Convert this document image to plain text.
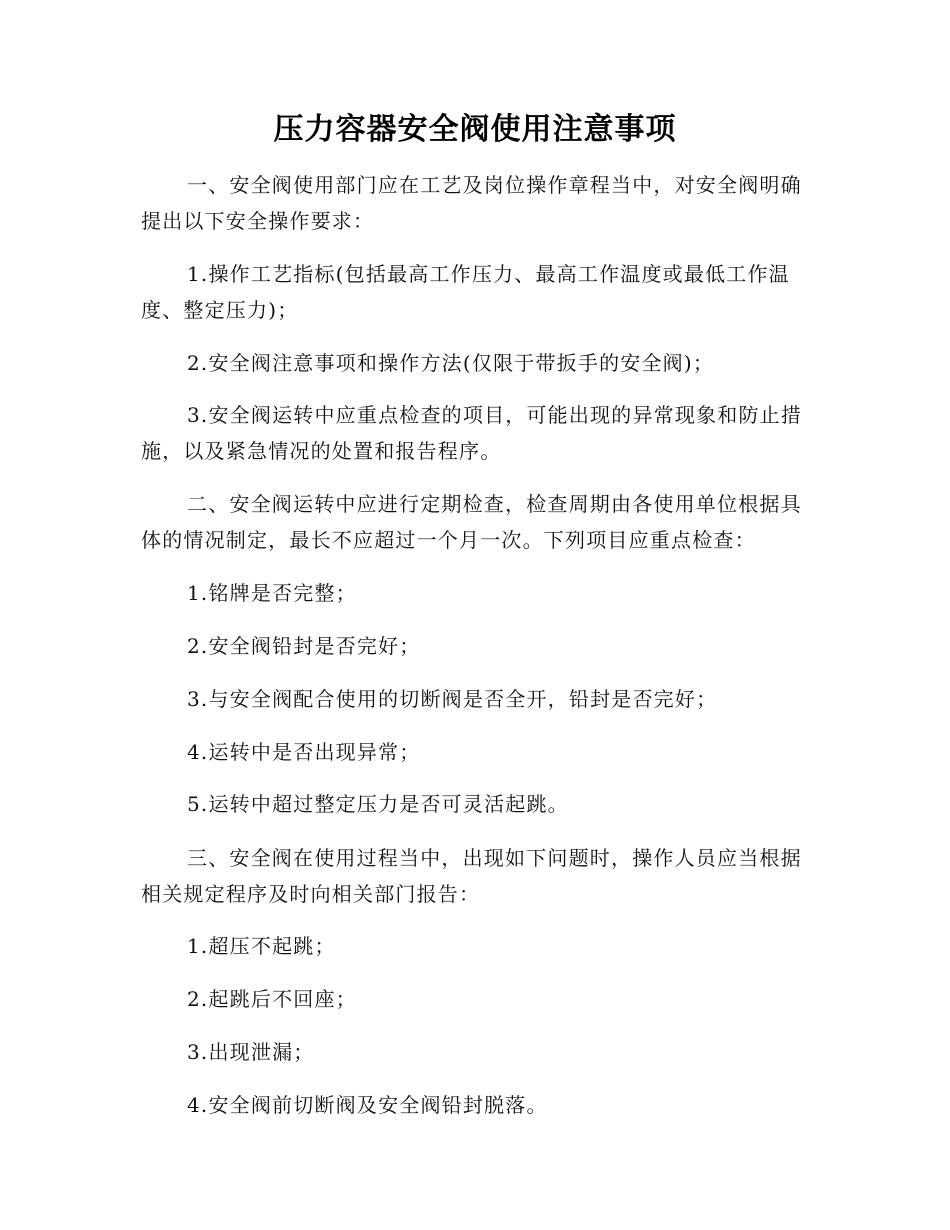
压力容器安全阀使用注意事项

一、安全阀使用部门应在工艺及岗位操作章程当中，对安全阀明确提出以下安全操作要求：

1.操作工艺指标(包括最高工作压力、最高工作温度或最低工作温度、整定压力)；

2.安全阀注意事项和操作方法(仅限于带扳手的安全阀)；

3.安全阀运转中应重点检查的项目，可能出现的异常现象和防止措施，以及紧急情况的处置和报告程序。

二、安全阀运转中应进行定期检查，检查周期由各使用单位根据具体的情况制定，最长不应超过一个月一次。下列项目应重点检查：

1.铭牌是否完整；

2.安全阀铅封是否完好；

3.与安全阀配合使用的切断阀是否全开，铅封是否完好；

4.运转中是否出现异常；

5.运转中超过整定压力是否可灵活起跳。

三、安全阀在使用过程当中，出现如下问题时，操作人员应当根据相关规定程序及时向相关部门报告：

1.超压不起跳；

2.起跳后不回座；

3.出现泄漏；

4.安全阀前切断阀及安全阀铅封脱落。
